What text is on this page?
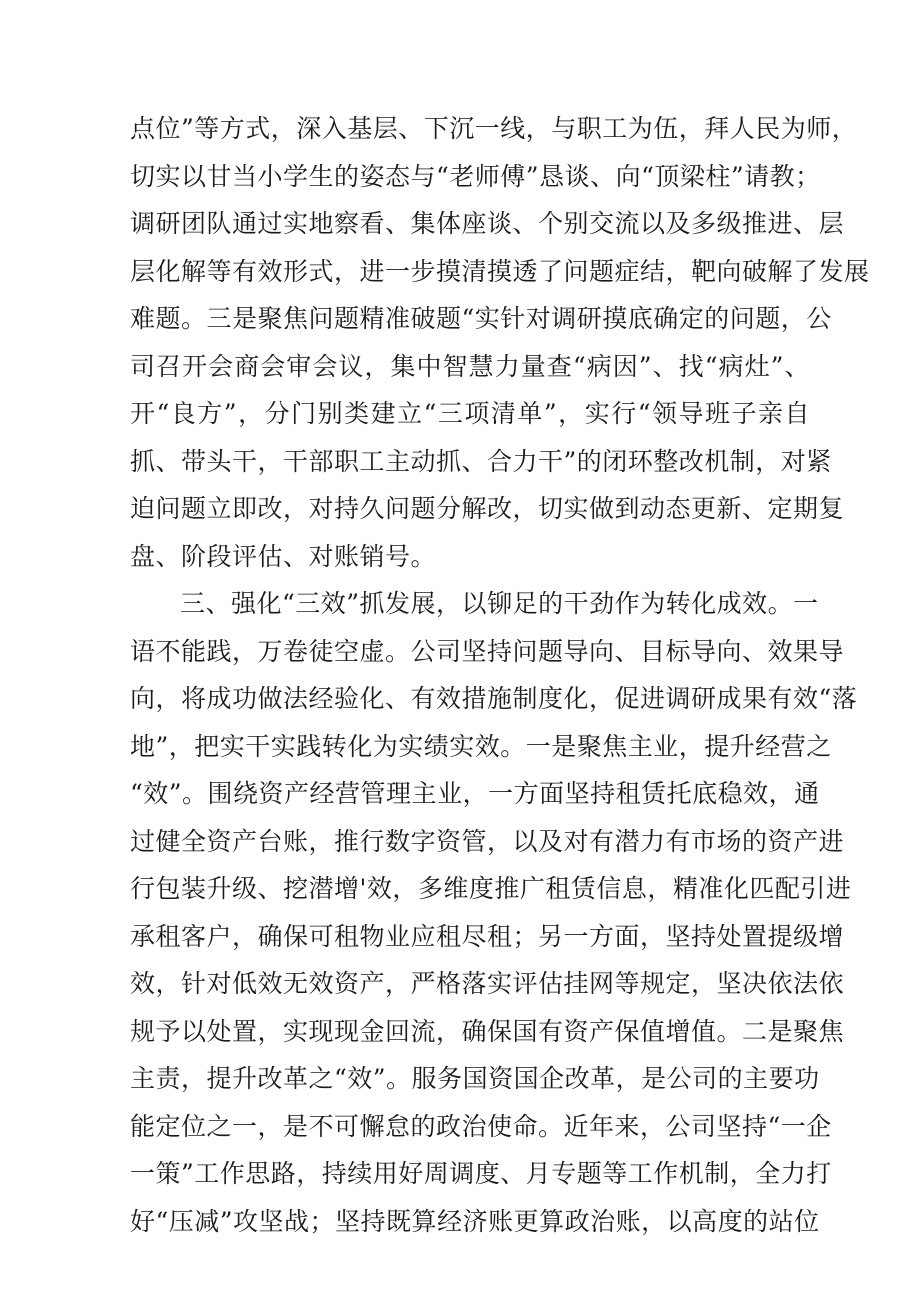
点位”等方式，深入基层、下沉一线，与职工为伍，拜人民为师，
切实以甘当小学生的姿态与“老师傅”恳谈、向“顶梁柱”请教；
调研团队通过实地察看、集体座谈、个别交流以及多级推进、层
层化解等有效形式，进一步摸清摸透了问题症结，靶向破解了发展
难题。三是聚焦问题精准破题“实针对调研摸底确定的问题，公
司召开会商会审会议，集中智慧力量查“病因”、找“病灶”、
开“良方”，分门别类建立“三项清单”，实行“领导班子亲自
抓、带头干，干部职工主动抓、合力干”的闭环整改机制，对紧
迫问题立即改，对持久问题分解改，切实做到动态更新、定期复
盘、阶段评估、对账销号。
三、强化“三效”抓发展，以铆足的干劲作为转化成效。一
语不能践，万卷徒空虚。公司坚持问题导向、目标导向、效果导
向，将成功做法经验化、有效措施制度化，促进调研成果有效“落
地”，把实干实践转化为实绩实效。一是聚焦主业，提升经营之
“效”。围绕资产经营管理主业，一方面坚持租赁托底稳效，通
过健全资产台账，推行数字资管，以及对有潜力有市场的资产进
行包装升级、挖潜增'效，多维度推广租赁信息，精准化匹配引进
承租客户，确保可租物业应租尽租；另一方面，坚持处置提级增
效，针对低效无效资产，严格落实评估挂网等规定，坚决依法依
规予以处置，实现现金回流，确保国有资产保值增值。二是聚焦
主责，提升改革之“效”。服务国资国企改革，是公司的主要功
能定位之一，是不可懈怠的政治使命。近年来，公司坚持“一企
一策”工作思路，持续用好周调度、月专题等工作机制，全力打
好“压减”攻坚战；坚持既算经济账更算政治账，以高度的站位
